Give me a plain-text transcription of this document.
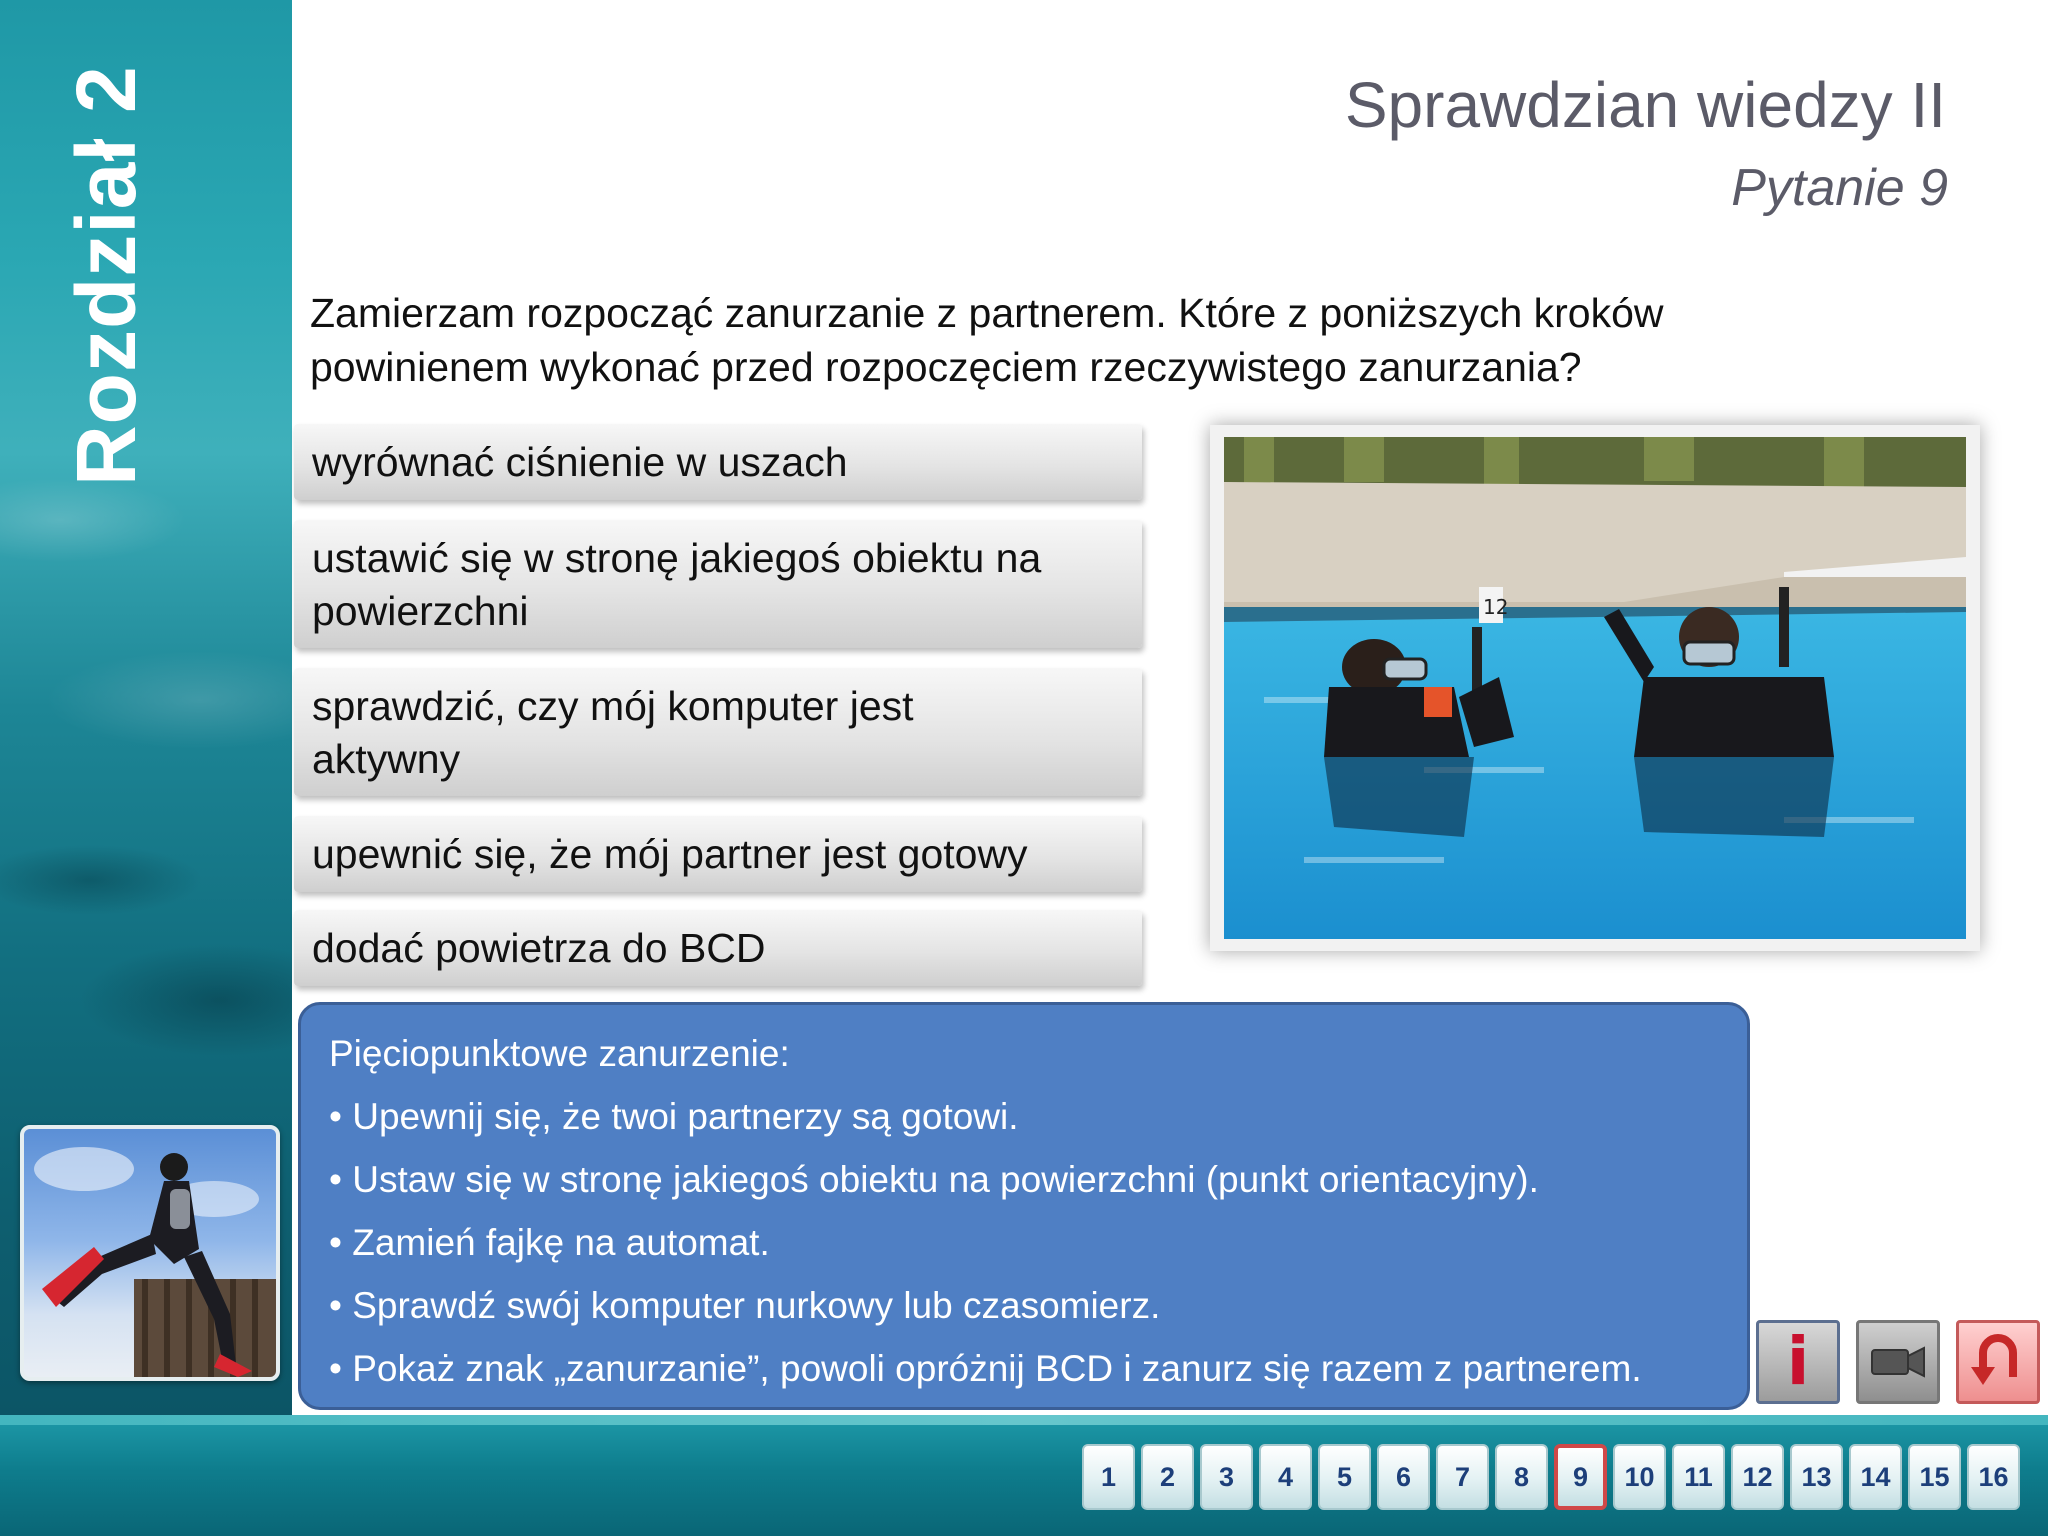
Rozdział 2	Sprawdzian wiedzy II
Pytanie 9
Zamierzam rozpocząć zanurzanie z partnerem. Które z poniższych kroków
powinienem wykonać przed rozpoczęciem rzeczywistego zanurzania?
wyrównać ciśnienie w uszach
ustawić się w stronę jakiegoś obiektu na
powierzchni
sprawdzić, czy mój komputer jest
aktywny
upewnić się, że mój partner jest gotowy
dodać powietrza do BCD
12
Pięciopunktowe zanurzenie:
• Upewnij się, że twoi partnerzy są gotowi.
• Ustaw się w stronę jakiegoś obiektu na powierzchni (punkt orientacyjny).
• Zamień fajkę na automat.
• Sprawdź swój komputer nurkowy lub czasomierz.
• Pokaż znak „zanurzanie”, powoli opróżnij BCD i zanurz się razem z partnerem.	i
1	2	3	4	5	6	7	8	9	10	11	12	13	14	15	16
